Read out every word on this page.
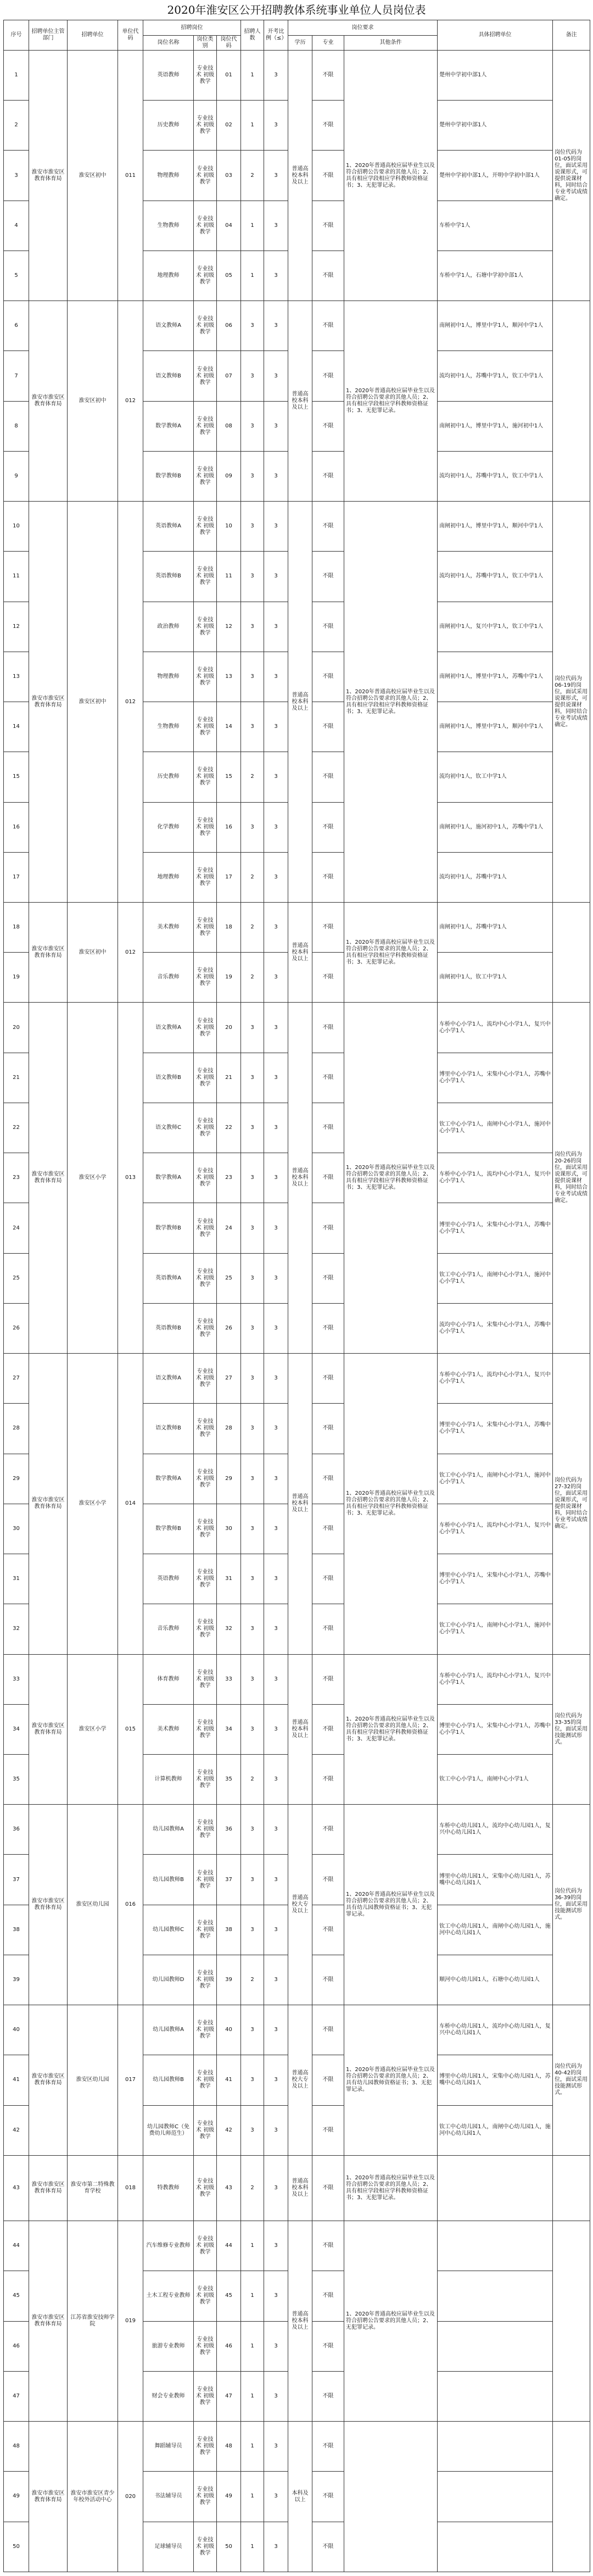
2020年淮安区公开招聘教体系统事业单位人员岗位表
序号	招聘单位主管部门	招聘单位	单位代码	招聘岗位			招聘人数	开考比例（≤）	岗位要求			具体招聘单位	备注
				岗位名称	岗位类别	岗位代码			学历	专业	其他条件		
1	淮安市淮安区教育体育局	淮安区初中	011	英语教师	专业技术 初级教学	01	1	3	普通高校本科及以上	不限	1、2020年普通高校应届毕业生以及符合招聘公告要求的其他人员；2、具有相应学段相应学科教师资格证书；3、无犯罪记录。	楚州中学初中部1人	岗位代码为01-05的岗位，面试采用说课形式，可提供说课材料，同时结合专业考试成绩确定。
2				历史教师	专业技术 初级教学	02	1	3		不限		楚州中学初中部1人	
3				物理教师	专业技术 初级教学	03	2	3		不限		楚州中学初中部1人，开明中学初中部1人	
4				生物教师	专业技术 初级教学	04	1	3		不限		车桥中学1人	
5				地理教师	专业技术 初级教学	05	1	3		不限		车桥中学1人，石塘中学初中部1人	
6	淮安市淮安区教育体育局	淮安区初中	012	语文教师A	专业技术 初级教学	06	3	3	普通高校本科及以上	不限	1、2020年普通高校应届毕业生以及符合招聘公告要求的其他人员；2、具有相应学段相应学科教师资格证书；3、无犯罪记录。	南闸初中1人，博里中学1人，顺河中学1人	
7				语文教师B	专业技术 初级教学	07	3	3		不限		流均初中1人，苏嘴中学1人，钦工中学1人	
8				数学教师A	专业技术 初级教学	08	3	3		不限		南闸初中1人，博里中学1人，施河初中1人	
9				数学教师B	专业技术 初级教学	09	3	3		不限		流均初中1人，苏嘴中学1人，钦工中学1人	
10	淮安市淮安区教育体育局	淮安区初中	012	英语教师A	专业技术 初级教学	10	3	3	普通高校本科及以上	不限	1、2020年普通高校应届毕业生以及符合招聘公告要求的其他人员；2、具有相应学段相应学科教师资格证书；3、无犯罪记录。	南闸初中1人，博里中学1人，顺河中学1人	岗位代码为06-19的岗位，面试采用说课形式，可提供说课材料，同时结合专业考试成绩确定。
11				英语教师B	专业技术 初级教学	11	3	3		不限		流均初中1人，苏嘴中学1人，钦工中学1人	
12				政治教师	专业技术 初级教学	12	3	3		不限		南闸初中1人，复兴中学1人，钦工中学1人	
13				物理教师	专业技术 初级教学	13	3	3		不限		南闸初中1人，博里中学1人，苏嘴中学1人	
14				生物教师	专业技术 初级教学	14	3	3		不限		南闸初中1人，博里中学1人，顺河中学1人	
15				历史教师	专业技术 初级教学	15	2	3		不限		流均初中1人，钦工中学1人	
16				化学教师	专业技术 初级教学	16	3	3		不限		南闸初中1人，施河初中1人，苏嘴中学1人	
17				地理教师	专业技术 初级教学	17	2	3		不限		流均初中1人，苏嘴中学1人	
18	淮安市淮安区教育体育局	淮安区初中	012	美术教师	专业技术 初级教学	18	2	3	普通高校本科及以上	不限	1、2020年普通高校应届毕业生以及符合招聘公告要求的其他人员；2、具有相应学段相应学科教师资格证书；3、无犯罪记录。	南闸初中1人，苏嘴中学1人	
19				音乐教师	专业技术 初级教学	19	2	3		不限		南闸初中1人，钦工中学1人	
20	淮安市淮安区教育体育局	淮安区小学	013	语文教师A	专业技术 初级教学	20	3	3	普通高校本科及以上	不限	1、2020年普通高校应届毕业生以及符合招聘公告要求的其他人员；2、具有相应学段相应学科教师资格证书；3、无犯罪记录。	车桥中心小学1人，流均中心小学1人，复兴中心小学1人	岗位代码为20-26的岗位，面试采用说课形式，可提供说课材料，同时结合专业考试成绩确定。
21				语文教师B	专业技术 初级教学	21	3	3		不限		博里中心小学1人，宋集中心小学1人，苏嘴中心小学1人	
22				语文教师C	专业技术 初级教学	22	3	3		不限		钦工中心小学1人，南闸中心小学1人，施河中心小学1人	
23				数学教师A	专业技术 初级教学	23	3	3		不限		车桥中心小学1人，流均中心小学1人，复兴中心小学1人	
24				数学教师B	专业技术 初级教学	24	3	3		不限		博里中心小学1人，宋集中心小学1人，苏嘴中心小学1人	
25				英语教师A	专业技术 初级教学	25	3	3		不限		钦工中心小学1人，南闸中心小学1人，施河中心小学1人	
26				英语教师B	专业技术 初级教学	26	3	3		不限		流均中心小学1人，宋集中心小学1人，苏嘴中心小学1人	
27	淮安市淮安区教育体育局	淮安区小学	014	语文教师A	专业技术 初级教学	27	3	3	普通高校本科及以上	不限	1、2020年普通高校应届毕业生以及符合招聘公告要求的其他人员；2、具有相应学段相应学科教师资格证书；3、无犯罪记录。	车桥中心小学1人，流均中心小学1人，复兴中心小学1人	岗位代码为27-32的岗位，面试采用说课形式，可提供说课材料，同时结合专业考试成绩确定。
28				语文教师B	专业技术 初级教学	28	3	3		不限		博里中心小学1人，宋集中心小学1人，苏嘴中心小学1人	
29				数学教师A	专业技术 初级教学	29	3	3		不限		钦工中心小学1人，南闸中心小学1人，施河中心小学1人	
30				数学教师B	专业技术 初级教学	30	3	3		不限		车桥中心小学1人，流均中心小学1人，复兴中心小学1人	
31				英语教师	专业技术 初级教学	31	3	3		不限		博里中心小学1人，宋集中心小学1人，苏嘴中心小学1人	
32				音乐教师	专业技术 初级教学	32	3	3		不限		钦工中心小学1人，南闸中心小学1人，施河中心小学1人	
33	淮安市淮安区教育体育局	淮安区小学	015	体育教师	专业技术 初级教学	33	3	3	普通高校本科及以上	不限	1、2020年普通高校应届毕业生以及符合招聘公告要求的其他人员；2、具有相应学段相应学科教师资格证书；3、无犯罪记录。	车桥中心小学1人，流均中心小学1人，复兴中心小学1人	岗位代码为33-35的岗位，面试采用技能测试形式。
34				美术教师	专业技术 初级教学	34	3	3		不限		博里中心小学1人，宋集中心小学1人，苏嘴中心小学1人	
35				计算机教师	专业技术 初级教学	35	2	3		不限		钦工中心小学1人，南闸中心小学1人	
36	淮安市淮安区教育体育局	淮安区幼儿园	016	幼儿园教师A	专业技术 初级教学	36	3	3	普通高校大专及以上	不限	1、2020年普通高校应届毕业生以及符合招聘公告要求的其他人员；2、具有幼儿园教师资格证书；3、无犯罪记录。	车桥中心幼儿园1人，流均中心幼儿园1人，复兴中心幼儿园1人	岗位代码为36-39的岗位，面试采用技能测试形式。
37				幼儿园教师B	专业技术 初级教学	37	3	3		不限		博里中心幼儿园1人，宋集中心幼儿园1人，苏嘴中心幼儿园1人	
38				幼儿园教师C	专业技术 初级教学	38	3	3		不限		钦工中心幼儿园1人，南闸中心幼儿园1人，施河中心幼儿园1人	
39				幼儿园教师D	专业技术 初级教学	39	2	3		不限		顺河中心幼儿园1人，石塘中心幼儿园1人	
40	淮安市淮安区教育体育局	淮安区幼儿园	017	幼儿园教师A	专业技术 初级教学	40	3	3	普通高校大专及以上	不限	1、2020年普通高校应届毕业生以及符合招聘公告要求的其他人员；2、具有幼儿园教师资格证书；3、无犯罪记录。	车桥中心幼儿园1人，流均中心幼儿园1人，复兴中心幼儿园1人	岗位代码为40-42的岗位，面试采用技能测试形式。
41				幼儿园教师B	专业技术 初级教学	41	3	3		不限		博里中心幼儿园1人，宋集中心幼儿园1人，苏嘴中心幼儿园1人	
42				幼儿园教师C（免费幼儿师范生）	专业技术 初级教学	42	3	3		不限		钦工中心幼儿园1人，南闸中心幼儿园1人，施河中心幼儿园1人	
43	淮安市淮安区教育体育局	淮安市第二特殊教育学校	018	特教教师	专业技术 初级教学	43	2	3	普通高校本科及以上	不限	1、2020年普通高校应届毕业生以及符合招聘公告要求的其他人员；2、具有相应学段相应学科教师资格证书；3、无犯罪记录。		
44	淮安市淮安区教育体育局	江苏省淮安技师学院	019	汽车维修专业教师	专业技术 初级教学	44	1	3	普通高校本科及以上	不限	1、2020年普通高校应届毕业生以及符合招聘公告要求的其他人员；2、无犯罪记录。		
45				土木工程专业教师	专业技术 初级教学	45	1	3		不限			
46				旅游专业教师	专业技术 初级教学	46	1	3		不限			
47				财会专业教师	专业技术 初级教学	47	1	3		不限			
48	淮安市淮安区教育体育局	淮安市淮安区青少年校外活动中心	020	舞蹈辅导员	专业技术 初级教学	48	1	3	本科及以上	不限			
49				书法辅导员	专业技术 初级教学	49	1	3		不限			
50				足球辅导员	专业技术 初级教学	50	1	3		不限			
